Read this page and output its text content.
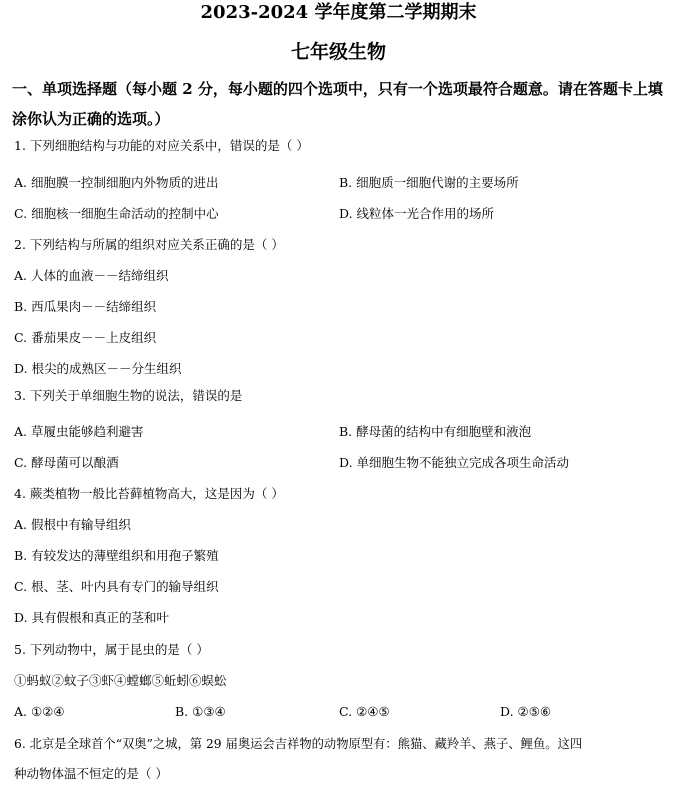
2023-2024 学年度第二学期期末
七年级生物
一、单项选择题（每小题 2 分，每小题的四个选项中，只有一个选项最符合题意。请在答题卡上填涂你认为正确的选项。）
1. 下列细胞结构与功能的对应关系中，错误的是（ ）
A. 细胞膜一控制细胞内外物质的进出	B. 细胞质一细胞代谢的主要场所
C. 细胞核一细胞生命活动的控制中心	D. 线粒体一光合作用的场所
2. 下列结构与所属的组织对应关系正确的是（ ）
A. 人体的血液－－结缔组织
B. 西瓜果肉－－结缔组织
C. 番茄果皮－－上皮组织
D. 根尖的成熟区－－分生组织
3. 下列关于单细胞生物的说法，错误的是
A. 草履虫能够趋利避害	B. 酵母菌的结构中有细胞壁和液泡
C. 酵母菌可以酿酒	D. 单细胞生物不能独立完成各项生命活动
4. 蕨类植物一般比苔藓植物高大，这是因为（ ）
A. 假根中有输导组织
B. 有较发达的薄壁组织和用孢子繁殖
C. 根、茎、叶内具有专门的输导组织
D. 具有假根和真正的茎和叶
5. 下列动物中，属于昆虫的是（ ）
①蚂蚁②蚊子③虾④螳螂⑤蚯蚓⑥蜈蚣
A. ①②④	B. ①③④	C. ②④⑤	D. ②⑤⑥
6. 北京是全球首个“双奥”之城，第 29 届奥运会吉祥物的动物原型有：熊猫、藏羚羊、燕子、鲤鱼。这四
种动物体温不恒定的是（ ）
